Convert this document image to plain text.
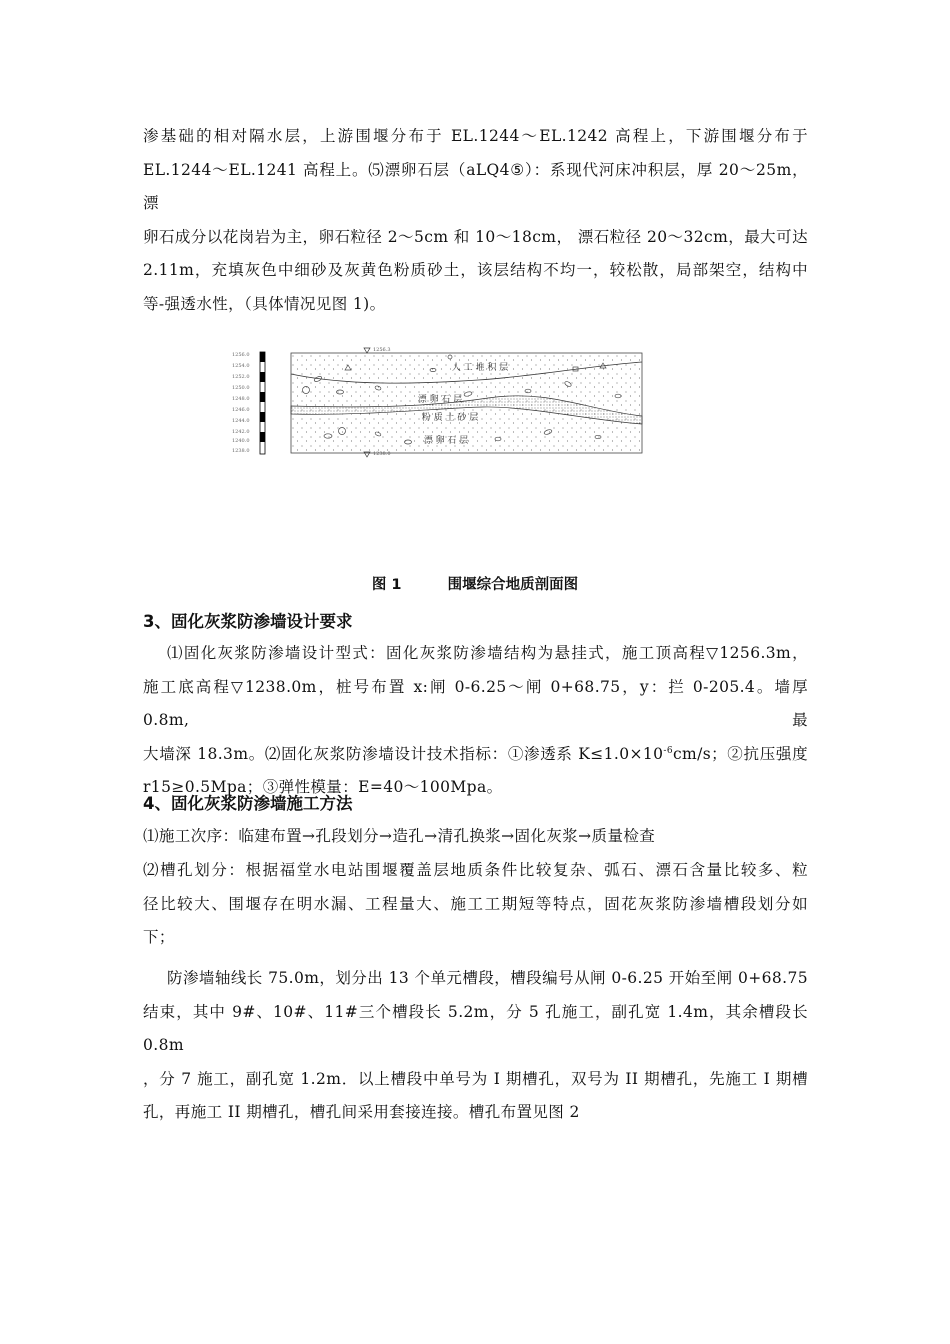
渗基础的相对隔水层，上游围堰分布于 EL.1244～EL.1242 高程上，下游围堰分布于
EL.1244～EL.1241 高程上。⑸漂卵石层（aLQ4⑤）：系现代河床冲积层，厚 20～25m， 漂
卵石成分以花岗岩为主，卵石粒径 2～5cm 和 10～18cm， 漂石粒径 20～32cm，最大可达
2.11m，充填灰色中细砂及灰黄色粉质砂土，该层结构不均一，较松散，局部架空，结构中
等-强透水性，（具体情况见图 1)。
1256.0
1254.0
1252.0
1250.0
1248.0
1246.0
1244.0
1242.0
1240.0
1238.0
1256.3
1238.0
人 工 堆 积 层
漂 卵 石 层
粉 质 土 砂 层
漂 卵 石 层
图 1	围堰综合地质剖面图
3、固化灰浆防渗墙设计要求
⑴固化灰浆防渗墙设计型式：固化灰浆防渗墙结构为悬挂式，施工顶高程▽1256.3m，
施工底高程▽1238.0m，桩号布置 x:闸 0-6.25～闸 0+68.75，y：拦 0-205.4。墙厚 0.8m,最
大墙深 18.3m。⑵固化灰浆防渗墙设计技术指标：①渗透系 $K\le 1.0\times 10^{-6}cm/s$；②抗压强度
r15≥0.5Mpa；③弹性模量：E=40～100Mpa。
4、固化灰浆防渗墙施工方法
⑴施工次序：临建布置→孔段划分→造孔→清孔换浆→固化灰浆→质量检查
⑵槽孔划分：根据福堂水电站围堰覆盖层地质条件比较复杂、弧石、漂石含量比较多、粒
径比较大、围堰存在明水漏、工程量大、施工工期短等特点，固花灰浆防渗墙槽段划分如
下；
防渗墙轴线长 75.0m，划分出 13 个单元槽段，槽段编号从闸 0-6.25 开始至闸 0+68.75
结束，其中 9#、10#、11#三个槽段长 5.2m，分 5 孔施工，副孔宽 1.4m，其余槽段长 0.8m
，分 7 施工，副孔宽 1.2m．以上槽段中单号为 I 期槽孔，双号为 II 期槽孔，先施工 I 期槽
孔，再施工 II 期槽孔，槽孔间采用套接连接。槽孔布置见图 2
